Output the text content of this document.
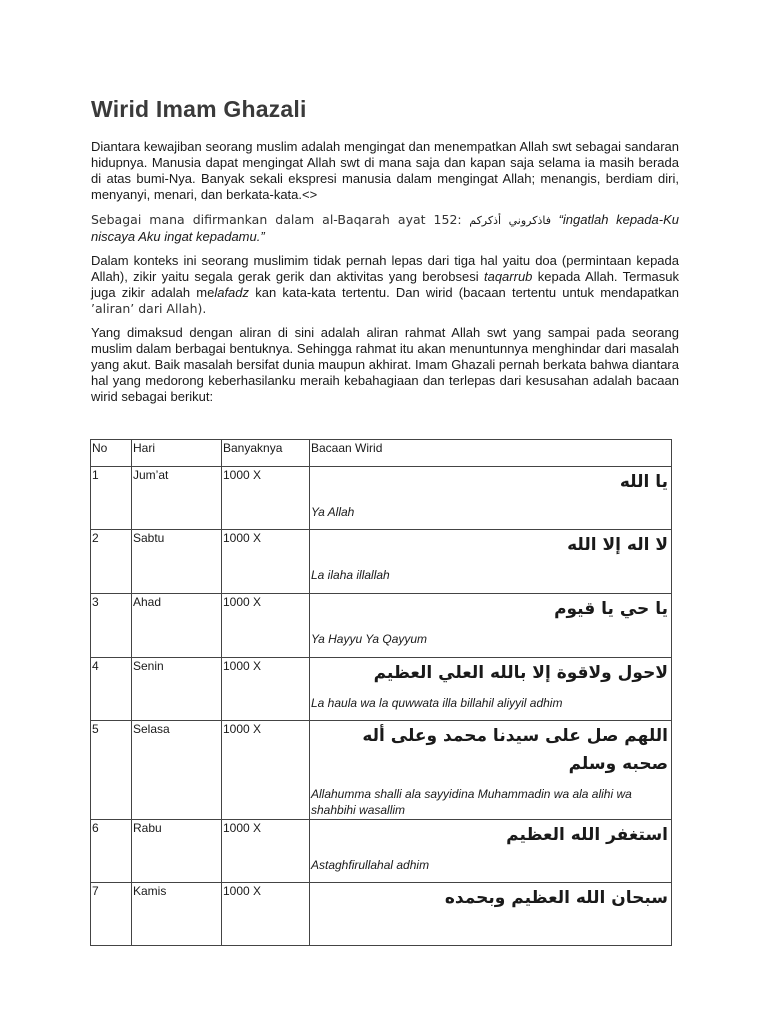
Wirid Imam Ghazali

Diantara kewajiban seorang muslim adalah mengingat dan menempatkan Allah swt sebagai sandaran hidupnya. Manusia dapat mengingat Allah swt di mana saja dan kapan saja selama ia masih berada di atas bumi-Nya. Banyak sekali ekspresi manusia dalam mengingat Allah; menangis, berdiam diri, menyanyi, menari, dan berkata-kata.<>

Sebagai mana difirmankan dalam al-Baqarah ayat 152: فاذكروني أذكركم “ingatlah kepada-Ku niscaya Aku ingat kepadamu.”

Dalam konteks ini seorang muslimim tidak pernah lepas dari tiga hal yaitu doa (permintaan kepada Allah), zikir yaitu segala gerak gerik dan aktivitas yang berobsesi taqarrub kepada Allah. Termasuk juga zikir adalah melafadz kan kata-kata tertentu. Dan wirid (bacaan tertentu untuk mendapatkan ’aliran’ dari Allah).

Yang dimaksud dengan aliran di sini adalah aliran rahmat Allah swt yang sampai pada seorang muslim dalam berbagai bentuknya. Sehingga rahmat itu akan menuntunnya menghindar dari masalah yang akut. Baik masalah bersifat dunia maupun akhirat. Imam Ghazali pernah berkata bahwa diantara hal yang medorong keberhasilanku meraih kebahagiaan dan terlepas dari kesusahan adalah bacaan wirid sebagai berikut:

No	Hari	Banyaknya	Bacaan Wirid
1	Jum’at	1000 X	يا الله
Ya Allah

2	Sabtu	1000 X	لا اله إلا الله
La ilaha illallah

3	Ahad	1000 X	يا حي يا قيوم
Ya Hayyu Ya Qayyum

4	Senin	1000 X	لاحول ولاقوة إلا بالله العلي العظيم
La haula wa la quwwata illa billahil aliyyil adhim

5	Selasa	1000 X	اللهم صل على سيدنا محمد وعلى أله صحبه وسلم
Allahumma shalli ala sayyidina Muhammadin wa ala alihi wa shahbihi wasallim

6	Rabu	1000 X	استغفر الله العظيم
Astaghfirullahal adhim

7	Kamis	1000 X	سبحان الله العظيم وبحمده
